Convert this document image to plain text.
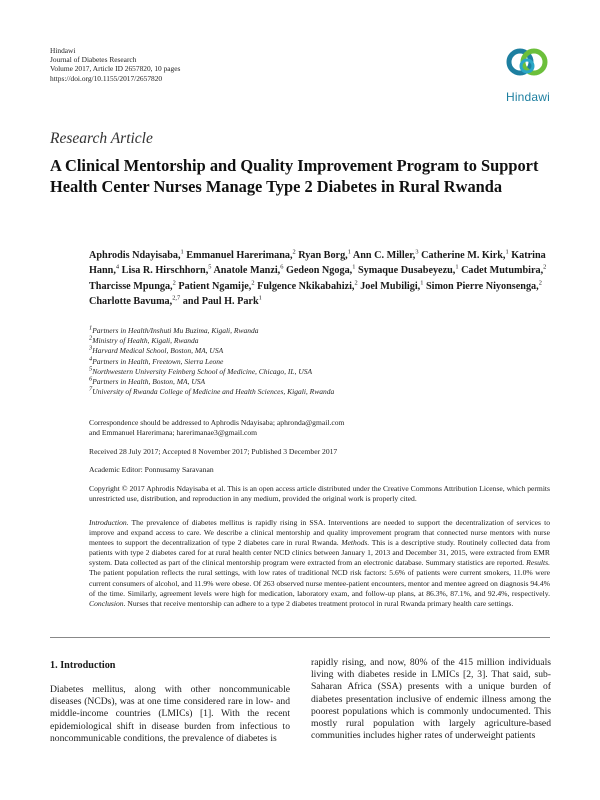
Hindawi
Journal of Diabetes Research
Volume 2017, Article ID 2657820, 10 pages
https://doi.org/10.1155/2017/2657820
Hindawi
Research Article
A Clinical Mentorship and Quality Improvement Program to Support Health Center Nurses Manage Type 2 Diabetes in Rural Rwanda
Aphrodis Ndayisaba,$^1$ Emmanuel Harerimana,$^2$ Ryan Borg,$^1$ Ann C. Miller,$^3$ Catherine M. Kirk,$^1$ Katrina Hann,$^4$ Lisa R. Hirschhorn,$^5$ Anatole Manzi,$^6$ Gedeon Ngoga,$^1$ Symaque Dusabeyezu,$^1$ Cadet Mutumbira,$^2$ Tharcisse Mpunga,$^2$ Patient Ngamije,$^2$ Fulgence Nkikabahizi,$^2$ Joel Mubiligi,$^1$ Simon Pierre Niyonsenga,$^2$ Charlotte Bavuma,$^{2,7}$ and Paul H. Park$^1$
$^1$Partners in Health/Inshuti Mu Buzima, Kigali, Rwanda
$^2$Ministry of Health, Kigali, Rwanda
$^3$Harvard Medical School, Boston, MA, USA
$^4$Partners in Health, Freetown, Sierra Leone
$^5$Northwestern University Feinberg School of Medicine, Chicago, IL, USA
$^6$Partners in Health, Boston, MA, USA
$^7$University of Rwanda College of Medicine and Health Sciences, Kigali, Rwanda
Correspondence should be addressed to Aphrodis Ndayisaba; aphronda@gmail.com
and Emmanuel Harerimana; harerimanae3@gmail.com
Received 28 July 2017; Accepted 8 November 2017; Published 3 December 2017
Academic Editor: Ponnusamy Saravanan
Copyright © 2017 Aphrodis Ndayisaba et al. This is an open access article distributed under the Creative Commons Attribution License, which permits unrestricted use, distribution, and reproduction in any medium, provided the original work is properly cited.
Introduction. The prevalence of diabetes mellitus is rapidly rising in SSA. Interventions are needed to support the decentralization of services to improve and expand access to care. We describe a clinical mentorship and quality improvement program that connected nurse mentors with nurse mentees to support the decentralization of type 2 diabetes care in rural Rwanda. Methods. This is a descriptive study. Routinely collected data from patients with type 2 diabetes cared for at rural health center NCD clinics between January 1, 2013 and December 31, 2015, were extracted from EMR system. Data collected as part of the clinical mentorship program were extracted from an electronic database. Summary statistics are reported. Results. The patient population reflects the rural settings, with low rates of traditional NCD risk factors: 5.6% of patients were current smokers, 11.0% were current consumers of alcohol, and 11.9% were obese. Of 263 observed nurse mentee-patient encounters, mentor and mentee agreed on diagnosis 94.4% of the time. Similarly, agreement levels were high for medication, laboratory exam, and follow-up plans, at 86.3%, 87.1%, and 92.4%, respectively. Conclusion. Nurses that receive mentorship can adhere to a type 2 diabetes treatment protocol in rural Rwanda primary health care settings.
1. Introduction
Diabetes mellitus, along with other noncommunicable diseases (NCDs), was at one time considered rare in low- and middle-income countries (LMICs) [1]. With the recent epidemiological shift in disease burden from infectious to noncommunicable conditions, the prevalence of diabetes is
rapidly rising, and now, 80% of the 415 million individuals living with diabetes reside in LMICs [2, 3]. That said, sub-Saharan Africa (SSA) presents with a unique burden of diabetes presentation inclusive of endemic illness among the poorest populations which is commonly undocumented. This mostly rural population with largely agriculture-based communities includes higher rates of underweight patients
